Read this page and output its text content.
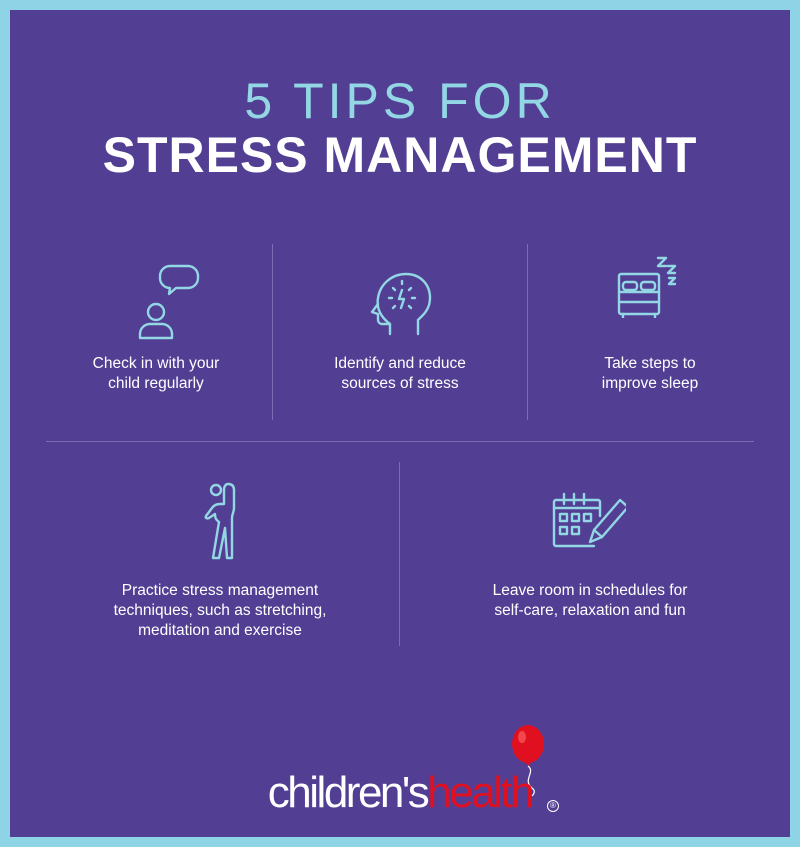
5 TIPS FOR
STRESS MANAGEMENT
Check in with your
child regularly
Identify and reduce
sources of stress
Take steps to
improve sleep
Practice stress management
techniques, such as stretching,
meditation and exercise
Leave room in schedules for
self-care, relaxation and fun
children'shealth	®
